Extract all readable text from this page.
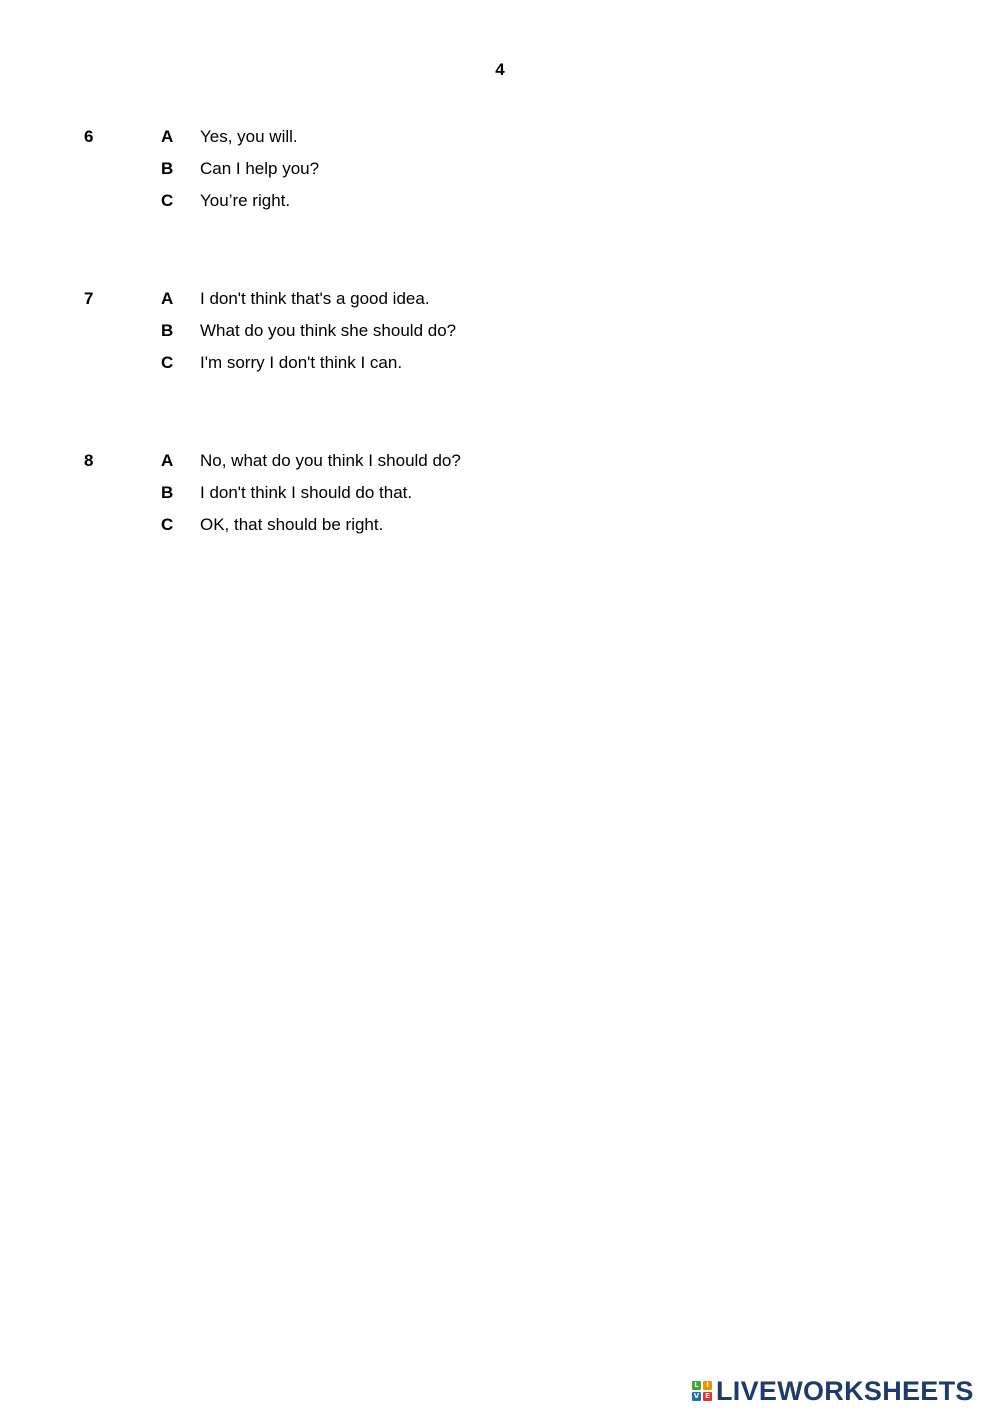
4
6	A Yes, you will.
B Can I help you?
C You’re right.
7	A I don't think that's a good idea.
B What do you think she should do?
C I'm sorry I don't think I can.
8	A No, what do you think I should do?
B I don't think I should do that.
C OK, that should be right.
L	I
V E LIVEWORKSHEETS
